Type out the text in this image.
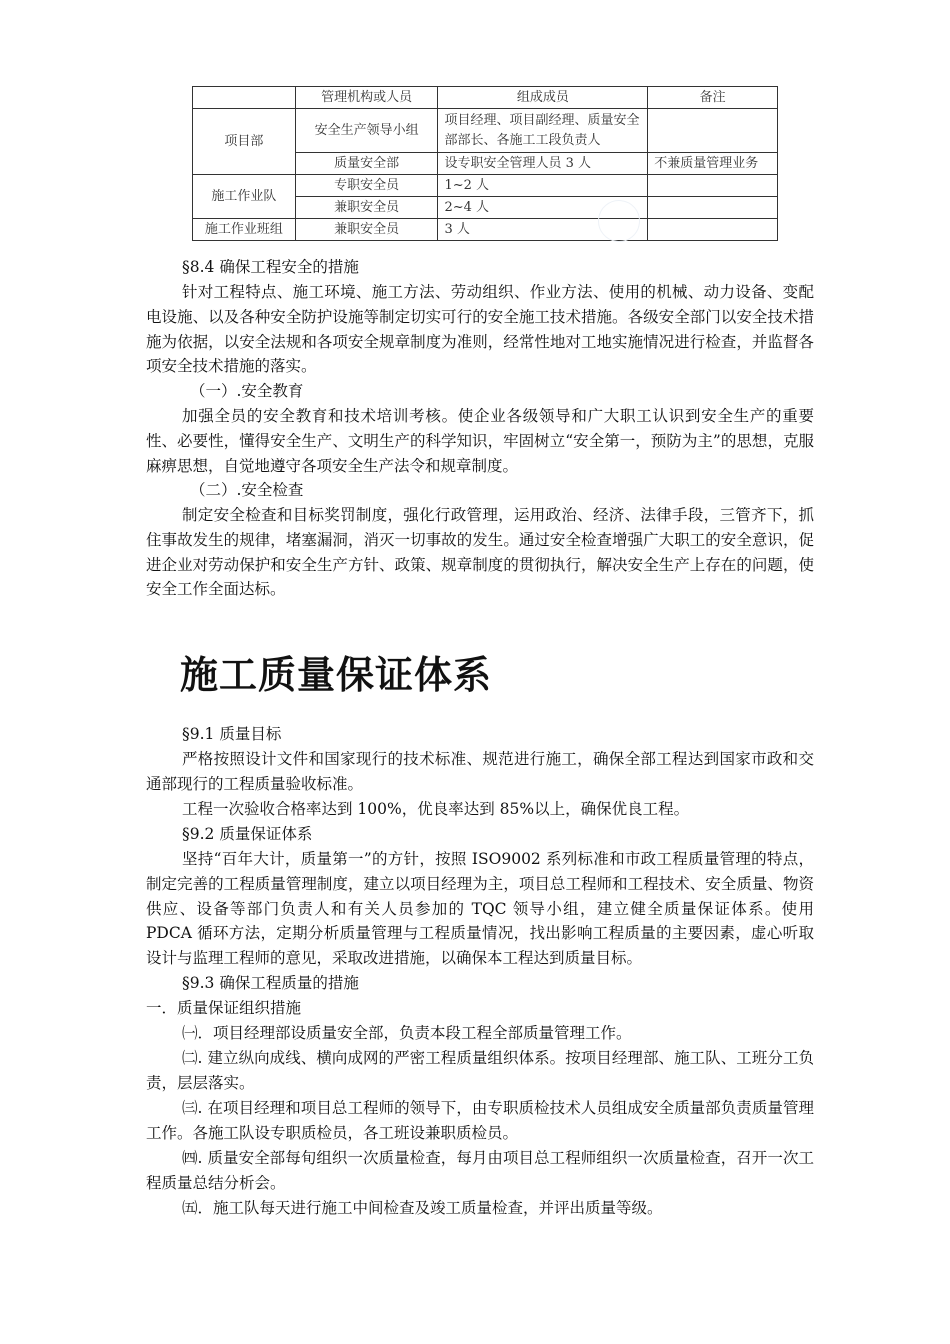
	管理机构或人员	组成成员	备注
项目部	安全生产领导小组	项目经理、项目副经理、质量安全部部长、各施工工段负责人	
	质量安全部	设专职安全管理人员 3 人	不兼质量管理业务
施工作业队	专职安全员	1~2 人	
	兼职安全员	2~4 人	
施工作业班组	兼职安全员	3 人	

§8.4 确保工程安全的措施

针对工程特点、施工环境、施工方法、劳动组织、作业方法、使用的机械、动力设备、变配电设施、以及各种安全防护设施等制定切实可行的安全施工技术措施。各级安全部门以安全技术措施为依据，以安全法规和各项安全规章制度为准则，经常性地对工地实施情况进行检查，并监督各项安全技术措施的落实。

（一）.安全教育

加强全员的安全教育和技术培训考核。使企业各级领导和广大职工认识到安全生产的重要性、必要性，懂得安全生产、文明生产的科学知识，牢固树立“安全第一，预防为主”的思想，克服麻痹思想，自觉地遵守各项安全生产法令和规章制度。

（二）.安全检查

制定安全检查和目标奖罚制度，强化行政管理，运用政治、经济、法律手段，三管齐下，抓住事故发生的规律，堵塞漏洞，消灭一切事故的发生。通过安全检查增强广大职工的安全意识，促进企业对劳动保护和安全生产方针、政策、规章制度的贯彻执行，解决安全生产上存在的问题，使安全工作全面达标。

施工质量保证体系

§9.1 质量目标

严格按照设计文件和国家现行的技术标准、规范进行施工，确保全部工程达到国家市政和交通部现行的工程质量验收标准。

工程一次验收合格率达到 100%，优良率达到 85%以上，确保优良工程。

§9.2 质量保证体系

坚持“百年大计，质量第一”的方针，按照 ISO9002 系列标准和市政工程质量管理的特点，制定完善的工程质量管理制度，建立以项目经理为主，项目总工程师和工程技术、安全质量、物资供应、设备等部门负责人和有关人员参加的 TQC 领导小组，建立健全质量保证体系。使用 PDCA 循环方法，定期分析质量管理与工程质量情况，找出影响工程质量的主要因素，虚心听取设计与监理工程师的意见，采取改进措施，以确保本工程达到质量目标。

§9.3 确保工程质量的措施

一．质量保证组织措施

㈠．项目经理部设质量安全部，负责本段工程全部质量管理工作。

㈡. 建立纵向成线、横向成网的严密工程质量组织体系。按项目经理部、施工队、工班分工负责，层层落实。

㈢. 在项目经理和项目总工程师的领导下，由专职质检技术人员组成安全质量部负责质量管理工作。各施工队设专职质检员，各工班设兼职质检员。

㈣. 质量安全部每旬组织一次质量检查，每月由项目总工程师组织一次质量检查，召开一次工程质量总结分析会。

㈤．施工队每天进行施工中间检查及竣工质量检查，并评出质量等级。
